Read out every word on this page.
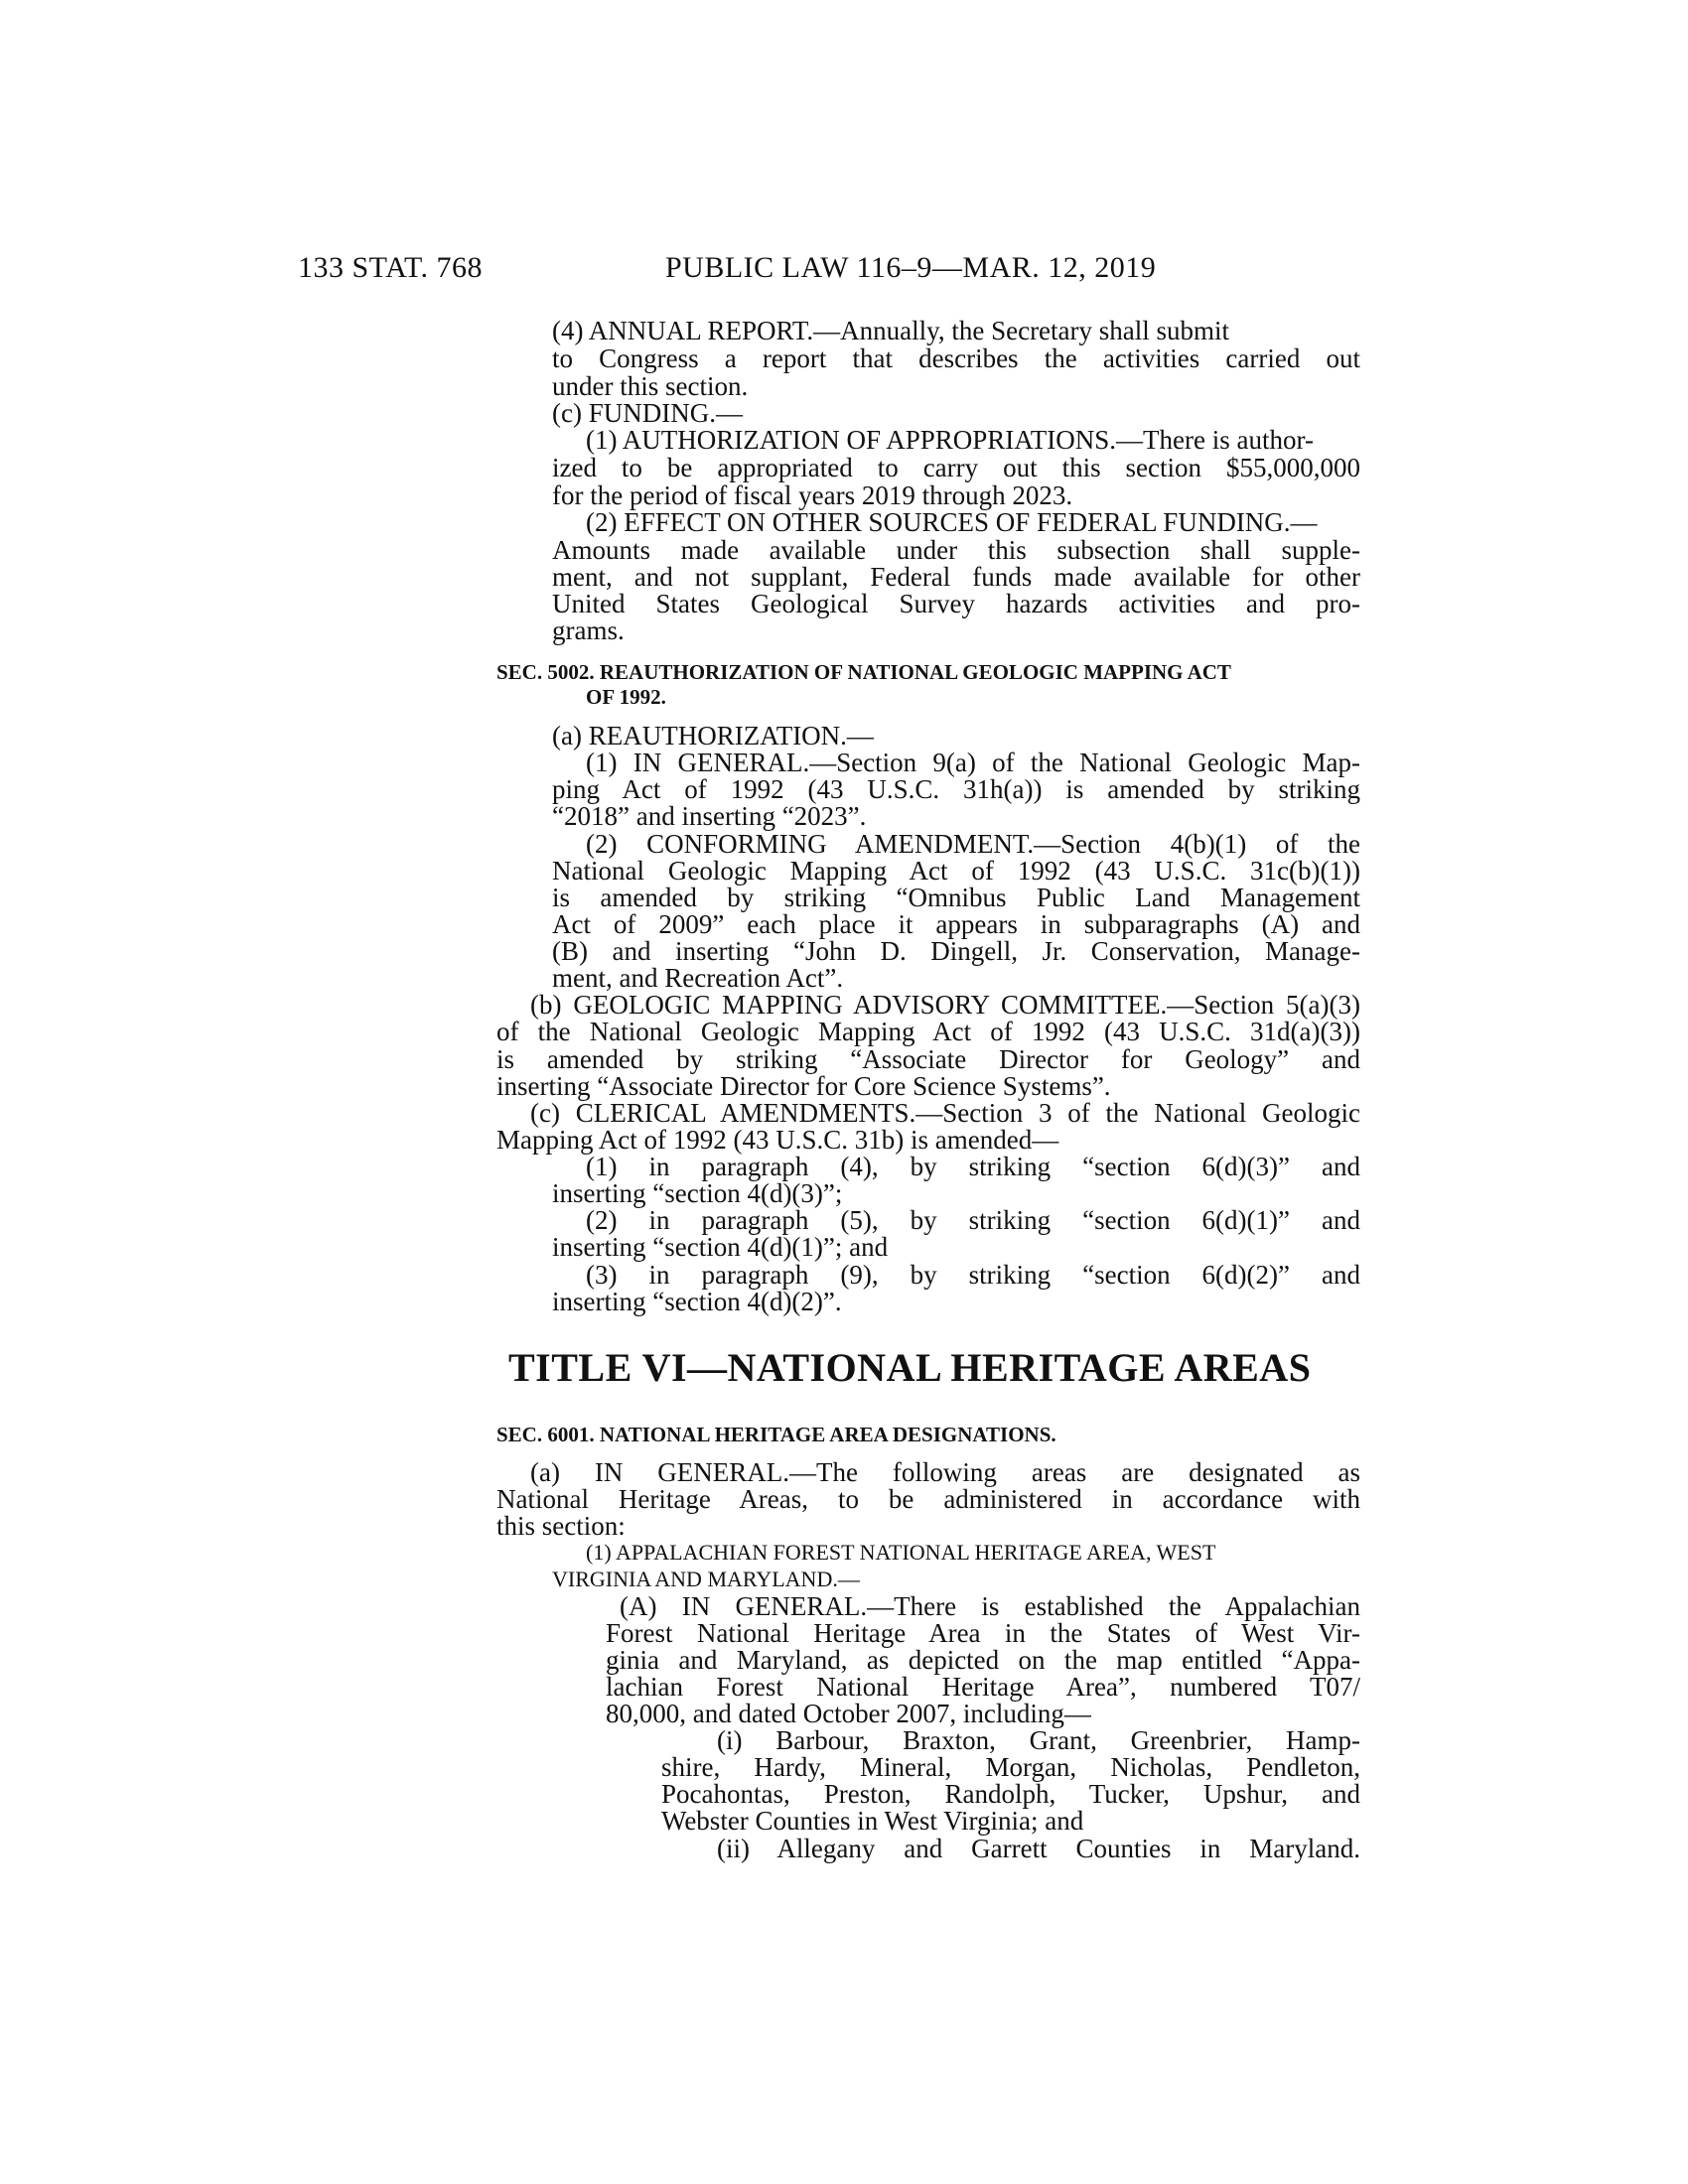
133 STAT. 768	PUBLIC LAW 116–9—MAR. 12, 2019

(4) ANNUAL REPORT.—Annually, the Secretary shall submit

to Congress a report that describes the activities carried out

under this section.

(c) FUNDING.—

(1) AUTHORIZATION OF APPROPRIATIONS.—There is author-

ized to be appropriated to carry out this section $55,000,000

for the period of fiscal years 2019 through 2023.

(2) EFFECT ON OTHER SOURCES OF FEDERAL FUNDING.—

Amounts made available under this subsection shall supple-

ment, and not supplant, Federal funds made available for other

United States Geological Survey hazards activities and pro-

grams.

SEC. 5002. REAUTHORIZATION OF NATIONAL GEOLOGIC MAPPING ACT

OF 1992.

(a) REAUTHORIZATION.—

(1) IN GENERAL.—Section 9(a) of the National Geologic Map-

ping Act of 1992 (43 U.S.C. 31h(a)) is amended by striking

“2018” and inserting “2023”.

(2) CONFORMING AMENDMENT.—Section 4(b)(1) of the

National Geologic Mapping Act of 1992 (43 U.S.C. 31c(b)(1))

is amended by striking “Omnibus Public Land Management

Act of 2009” each place it appears in subparagraphs (A) and

(B) and inserting “John D. Dingell, Jr. Conservation, Manage-

ment, and Recreation Act”.

(b) GEOLOGIC MAPPING ADVISORY COMMITTEE.—Section 5(a)(3)

of the National Geologic Mapping Act of 1992 (43 U.S.C. 31d(a)(3))

is amended by striking “Associate Director for Geology” and

inserting “Associate Director for Core Science Systems”.

(c) CLERICAL AMENDMENTS.—Section 3 of the National Geologic

Mapping Act of 1992 (43 U.S.C. 31b) is amended—

(1) in paragraph (4), by striking “section 6(d)(3)” and

inserting “section 4(d)(3)”;

(2) in paragraph (5), by striking “section 6(d)(1)” and

inserting “section 4(d)(1)”; and

(3) in paragraph (9), by striking “section 6(d)(2)” and

inserting “section 4(d)(2)”.

TITLE VI—NATIONAL HERITAGE AREAS

SEC. 6001. NATIONAL HERITAGE AREA DESIGNATIONS.

(a) IN GENERAL.—The following areas are designated as

National Heritage Areas, to be administered in accordance with

this section:

(1) APPALACHIAN FOREST NATIONAL HERITAGE AREA, WEST

VIRGINIA AND MARYLAND.—

(A) IN GENERAL.—There is established the Appalachian

Forest National Heritage Area in the States of West Vir-

ginia and Maryland, as depicted on the map entitled “Appa-

lachian Forest National Heritage Area”, numbered T07/

80,000, and dated October 2007, including—

(i) Barbour, Braxton, Grant, Greenbrier, Hamp-

shire, Hardy, Mineral, Morgan, Nicholas, Pendleton,

Pocahontas, Preston, Randolph, Tucker, Upshur, and

Webster Counties in West Virginia; and

(ii) Allegany and Garrett Counties in Maryland.
